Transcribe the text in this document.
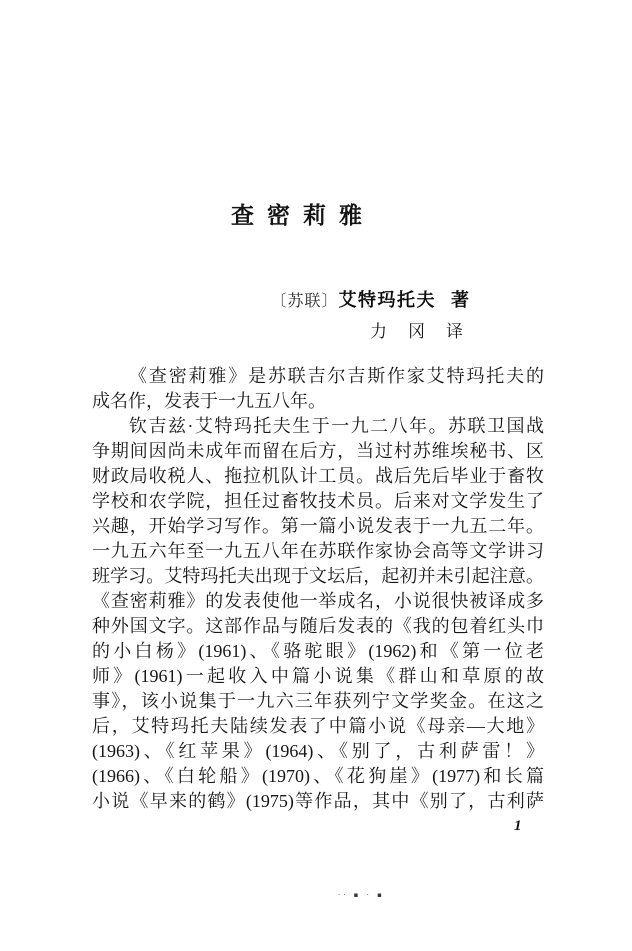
查密莉雅
〔苏联〕艾特玛托夫 著
力　冈　译
《查密莉雅》是苏联吉尔吉斯作家艾特玛托夫的
成名作，发表于一九五八年。
钦吉兹·艾特玛托夫生于一九二八年。苏联卫国战
争期间因尚未成年而留在后方，当过村苏维埃秘书、区
财政局收税人、拖拉机队计工员。战后先后毕业于畜牧
学校和农学院，担任过畜牧技术员。后来对文学发生了
兴趣，开始学习写作。第一篇小说发表于一九五二年。
一九五六年至一九五八年在苏联作家协会高等文学讲习
班学习。艾特玛托夫出现于文坛后，起初并未引起注意。
《查密莉雅》的发表使他一举成名，小说很快被译成多
种外国文字。这部作品与随后发表的《我的包着红头巾
的小白杨》(1961)、《骆驼眼》(1962)和《第一位老
师》(1961)一起收入中篇小说集《群山和草原的故
事》，该小说集于一九六三年获列宁文学奖金。在这之
后，艾特玛托夫陆续发表了中篇小说《母亲—大地》
(1963)、《红苹果》(1964)、《别了，古利萨雷！》
(1966)、《白轮船》(1970)、《花狗崖》(1977)和长篇
小说《早来的鹤》(1975)等作品，其中《别了，古利萨
1
·· ▪ · ▪
